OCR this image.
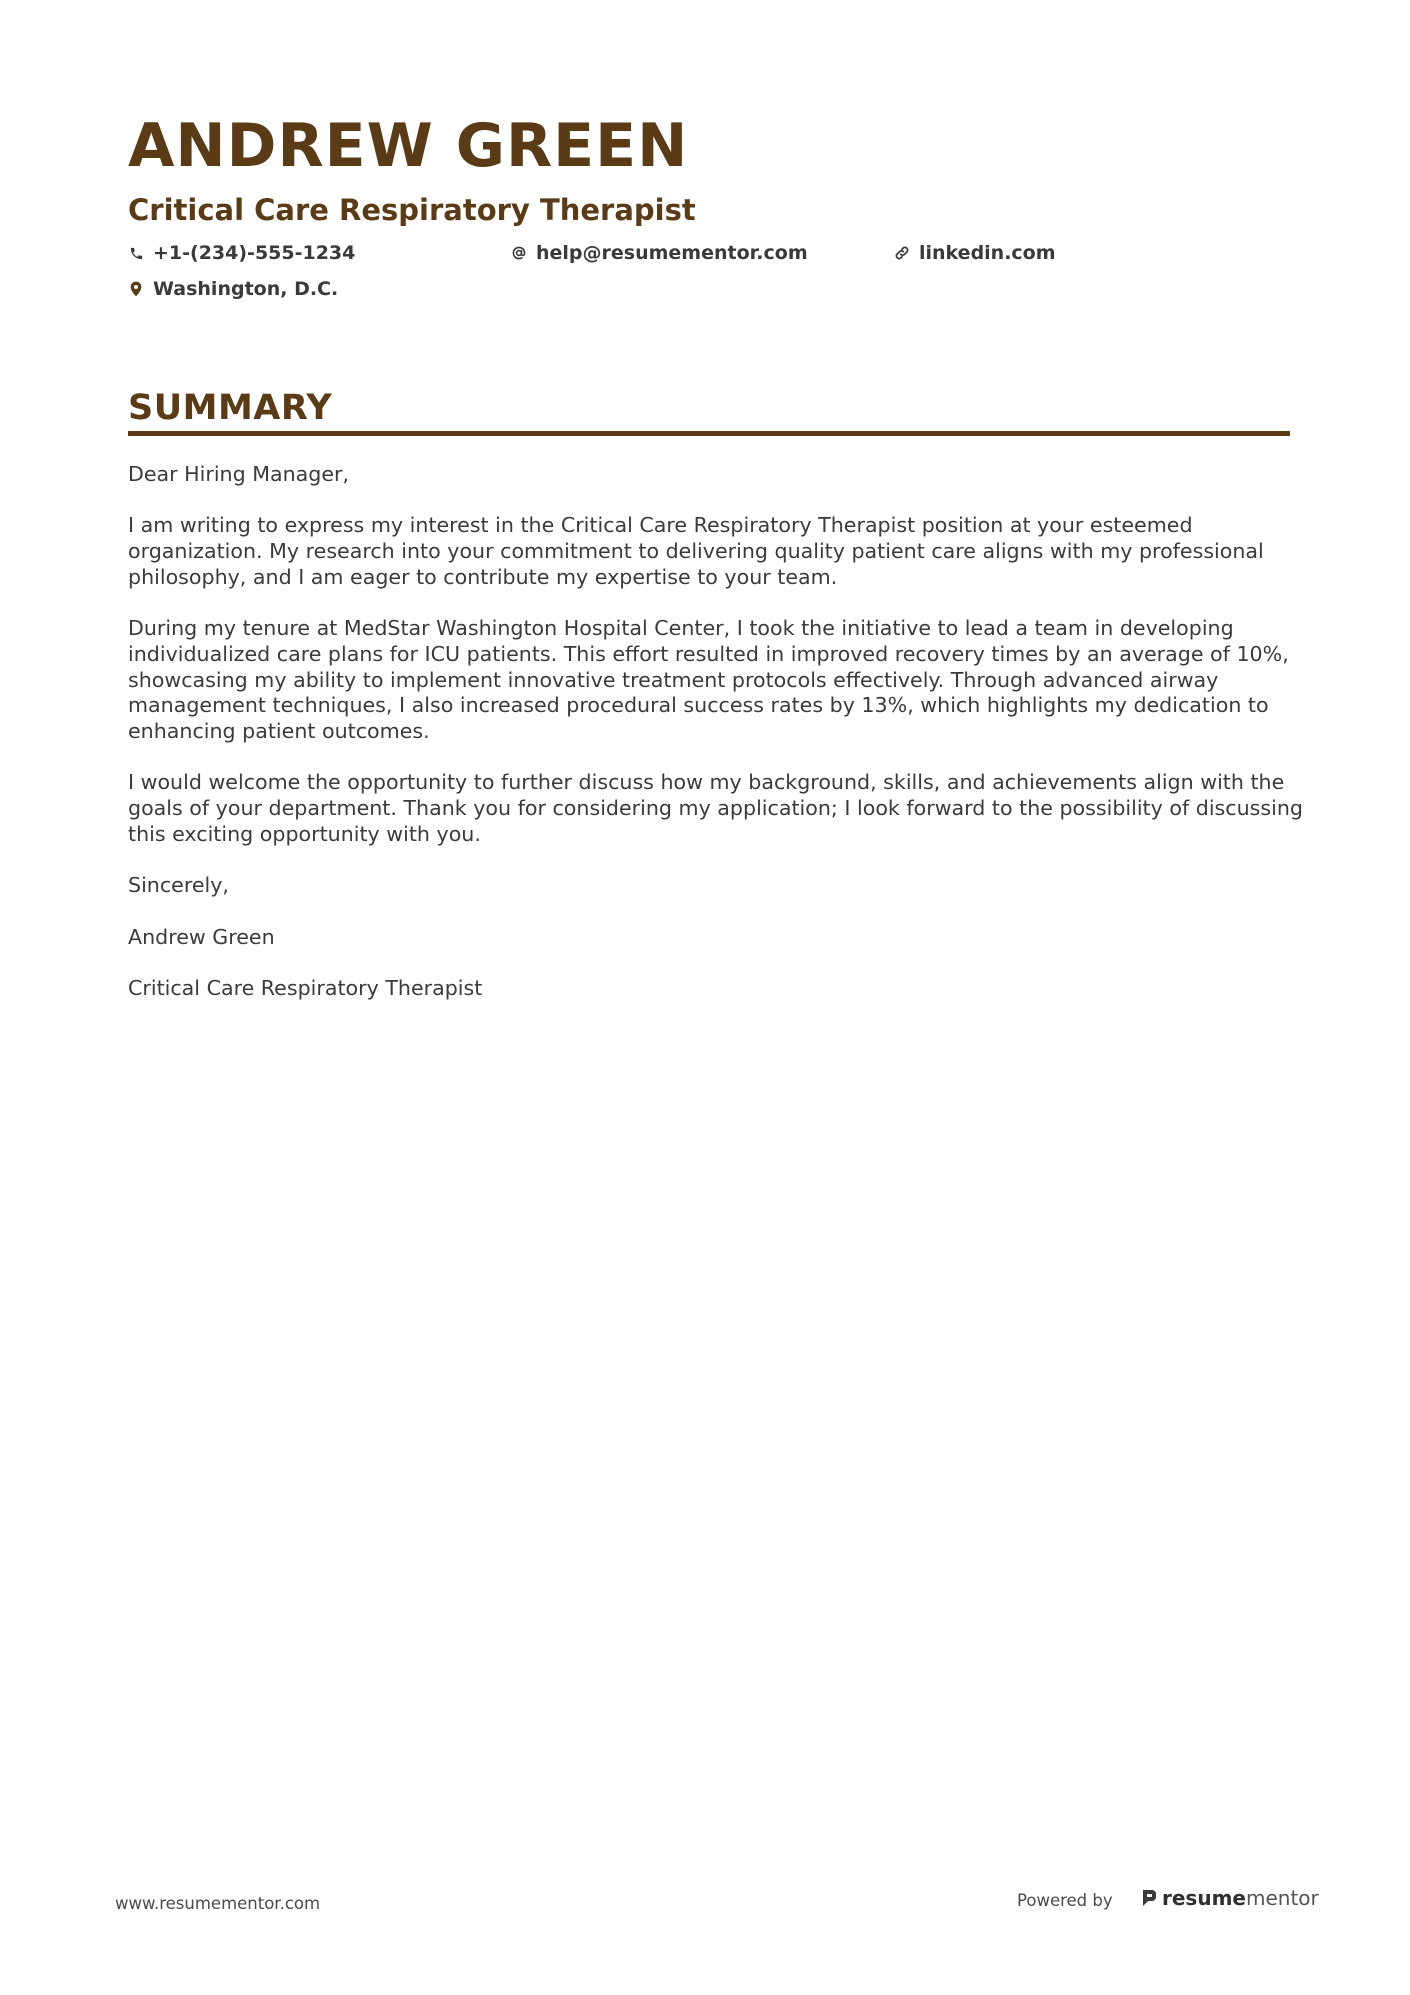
ANDREW GREEN
Critical Care Respiratory Therapist
+1-(234)-555-1234	help@resumementor.com	linkedin.com
Washington, D.C.
SUMMARY

Dear Hiring Manager,

I am writing to express my interest in the Critical Care Respiratory Therapist position at your esteemed organization. My research into your commitment to delivering quality patient care aligns with my professional philosophy, and I am eager to contribute my expertise to your team.

During my tenure at MedStar Washington Hospital Center, I took the initiative to lead a team in developing individualized care plans for ICU patients. This effort resulted in improved recovery times by an average of 10%, showcasing my ability to implement innovative treatment protocols effectively. Through advanced airway management techniques, I also increased procedural success rates by 13%, which highlights my dedication to enhancing patient outcomes.

I would welcome the opportunity to further discuss how my background, skills, and achievements align with the goals of your department. Thank you for considering my application; I look forward to the possibility of discussing this exciting opportunity with you.

Sincerely,

Andrew Green

Critical Care Respiratory Therapist

www.resumementor.com	Powered by resume mentor
